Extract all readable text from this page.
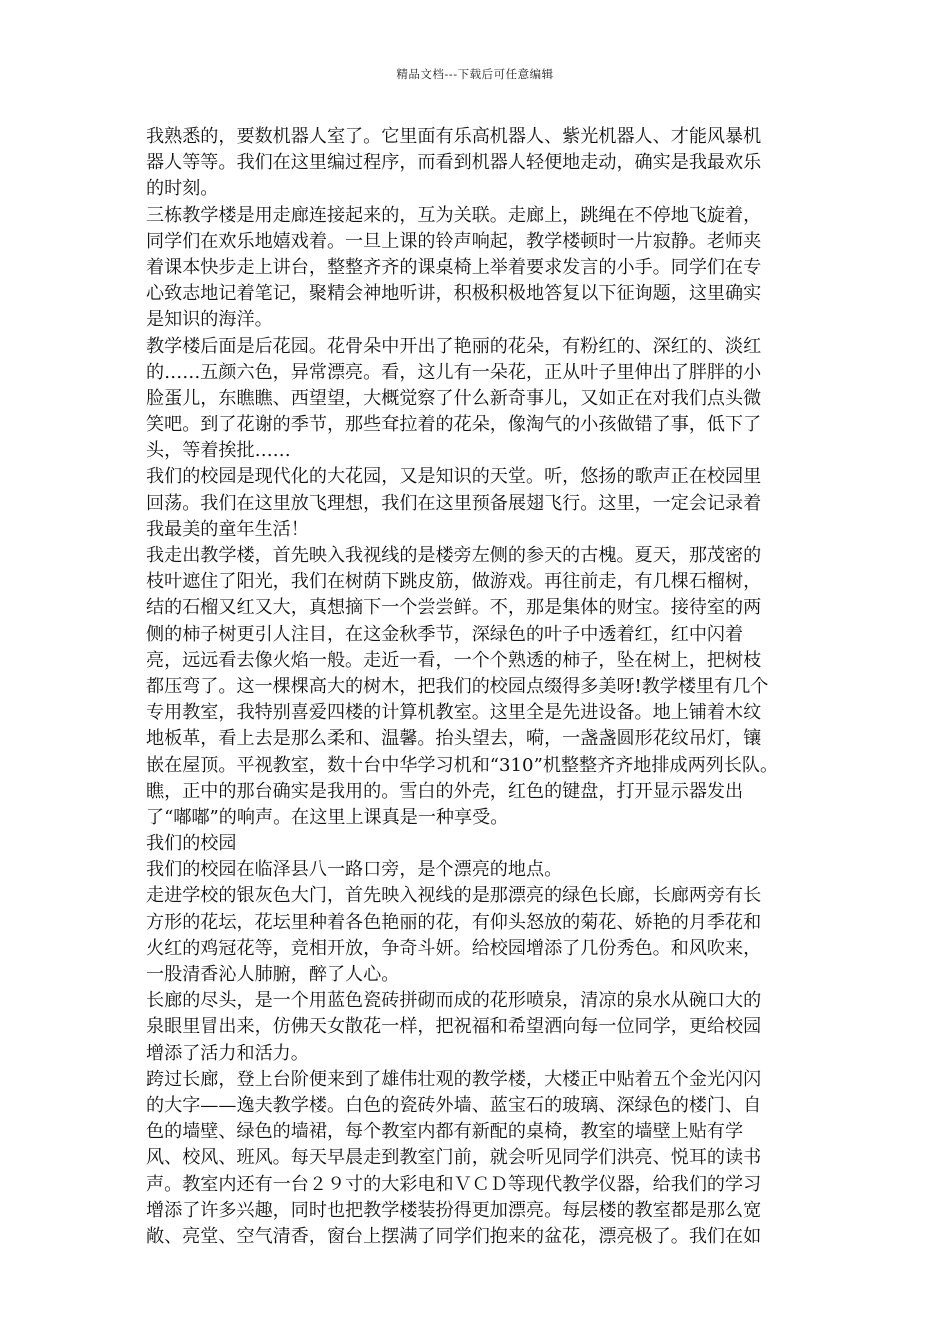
精品文档---下载后可任意编辑
我熟悉的，要数机器人室了。它里面有乐高机器人、紫光机器人、才能风暴机
器人等等。我们在这里编过程序，而看到机器人轻便地走动，确实是我最欢乐
的时刻。
三栋教学楼是用走廊连接起来的，互为关联。走廊上，跳绳在不停地飞旋着，
同学们在欢乐地嬉戏着。一旦上课的铃声响起，教学楼顿时一片寂静。老师夹
着课本快步走上讲台，整整齐齐的课桌椅上举着要求发言的小手。同学们在专
心致志地记着笔记，聚精会神地听讲，积极积极地答复以下征询题，这里确实
是知识的海洋。
教学楼后面是后花园。花骨朵中开出了艳丽的花朵，有粉红的、深红的、淡红
的……五颜六色，异常漂亮。看，这儿有一朵花，正从叶子里伸出了胖胖的小
脸蛋儿，东瞧瞧、西望望，大概觉察了什么新奇事儿，又如正在对我们点头微
笑吧。到了花谢的季节，那些耷拉着的花朵，像淘气的小孩做错了事，低下了
头，等着挨批……
我们的校园是现代化的大花园，又是知识的天堂。听，悠扬的歌声正在校园里
回荡。我们在这里放飞理想，我们在这里预备展翅飞行。这里，一定会记录着
我最美的童年生活！
我走出教学楼，首先映入我视线的是楼旁左侧的参天的古槐。夏天，那茂密的
枝叶遮住了阳光，我们在树荫下跳皮筋，做游戏。再往前走，有几棵石榴树，
结的石榴又红又大，真想摘下一个尝尝鲜。不，那是集体的财宝。接待室的两
侧的柿子树更引人注目，在这金秋季节，深绿色的叶子中透着红，红中闪着
亮，远远看去像火焰一般。走近一看，一个个熟透的柿子，坠在树上，把树枝
都压弯了。这一棵棵高大的树木，把我们的校园点缀得多美呀!教学楼里有几个
专用教室，我特别喜爱四楼的计算机教室。这里全是先进设备。地上铺着木纹
地板革，看上去是那么柔和、温馨。抬头望去，嗬，一盏盏圆形花纹吊灯，镶
嵌在屋顶。平视教室，数十台中华学习机和“310”机整整齐齐地排成两列长队。
瞧，正中的那台确实是我用的。雪白的外壳，红色的键盘，打开显示器发出
了“嘟嘟”的响声。在这里上课真是一种享受。
我们的校园
我们的校园在临泽县八一路口旁，是个漂亮的地点。
走进学校的银灰色大门，首先映入视线的是那漂亮的绿色长廊，长廊两旁有长
方形的花坛，花坛里种着各色艳丽的花，有仰头怒放的菊花、娇艳的月季花和
火红的鸡冠花等，竞相开放，争奇斗妍。给校园增添了几份秀色。和风吹来，
一股清香沁人肺腑，醉了人心。
长廊的尽头，是一个用蓝色瓷砖拼砌而成的花形喷泉，清凉的泉水从碗口大的
泉眼里冒出来，仿佛天女散花一样，把祝福和希望洒向每一位同学，更给校园
增添了活力和活力。
跨过长廊，登上台阶便来到了雄伟壮观的教学楼，大楼正中贴着五个金光闪闪
的大字——逸夫教学楼。白色的瓷砖外墙、蓝宝石的玻璃、深绿色的楼门、自
色的墙壁、绿色的墙裙，每个教室内都有新配的桌椅，教室的墙壁上贴有学
风、校风、班风。每天早晨走到教室门前，就会听见同学们洪亮、悦耳的读书
声。教室内还有一台２９寸的大彩电和ＶＣＤ等现代教学仪器，给我们的学习
增添了许多兴趣，同时也把教学楼装扮得更加漂亮。每层楼的教室都是那么宽
敞、亮堂、空气清香，窗台上摆满了同学们抱来的盆花，漂亮极了。我们在如
